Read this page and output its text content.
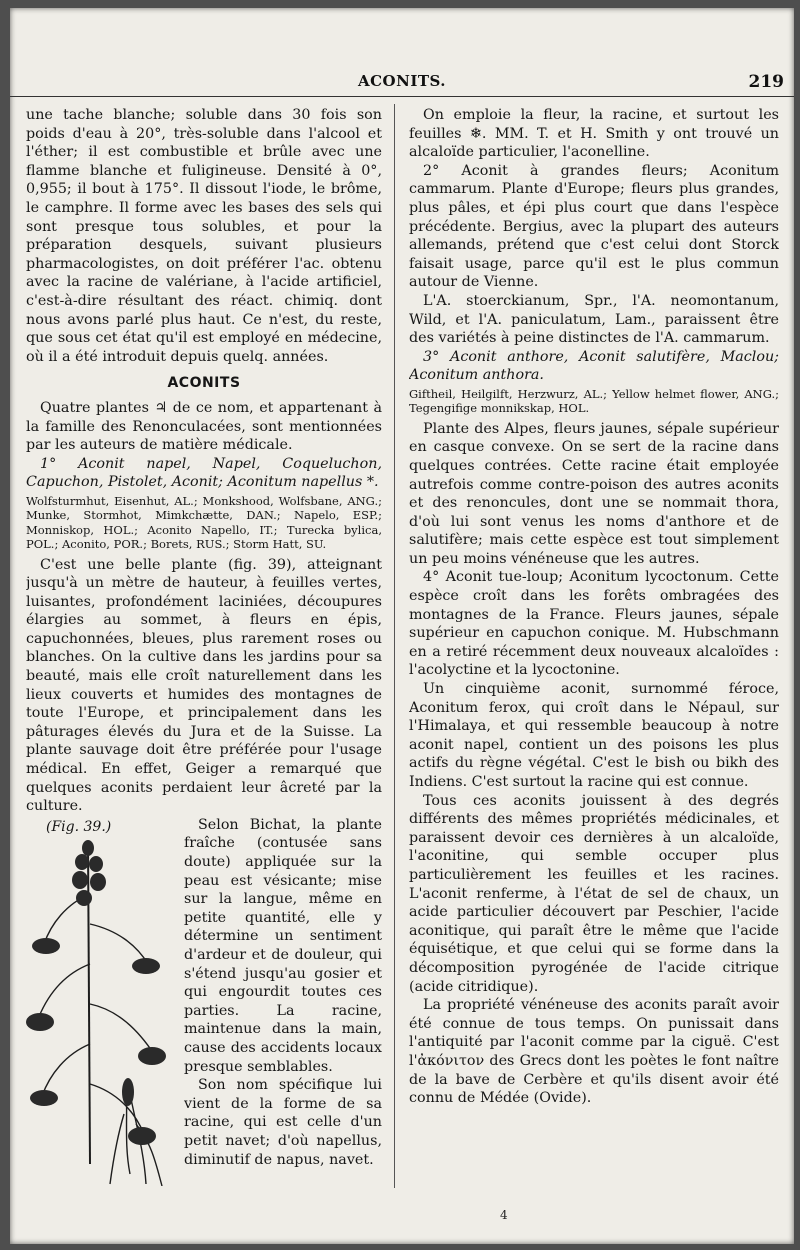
ACONITS.	219

une tache blanche; soluble dans 30 fois son poids d'eau à 20°, très-soluble dans l'alcool et l'éther; il est combustible et brûle avec une flamme blanche et fuligineuse. Densité à 0°, 0,955; il bout à 175°. Il dissout l'iode, le brôme, le camphre. Il forme avec les bases des sels qui sont presque tous solubles, et pour la préparation desquels, suivant plusieurs pharmacologistes, on doit préférer l'ac. obtenu avec la racine de valériane, à l'acide artificiel, c'est-à-dire résultant des réact. chimiq. dont nous avons parlé plus haut. Ce n'est, du reste, que sous cet état qu'il est employé en médecine, où il a été introduit depuis quelq. années.

ACONITS

Quatre plantes ♃ de ce nom, et appartenant à la famille des Renonculacées, sont mentionnées par les auteurs de matière médicale.

1° Aconit napel, Napel, Coqueluchon, Capuchon, Pistolet, Aconit; Aconitum napellus *.

Wolfsturmhut, Eisenhut, AL.; Monkshood, Wolfsbane, ANG.; Munke, Stormhot, Mimkchætte, DAN.; Napelo, ESP.; Monniskop, HOL.; Aconito Napello, IT.; Turecka bylica, POL.; Aconito, POR.; Borets, RUS.; Storm Hatt, SU.

C'est une belle plante (fig. 39), atteignant jusqu'à un mètre de hauteur, à feuilles vertes, luisantes, profondément laciniées, découpures élargies au sommet, à fleurs en épis, capuchonnées, bleues, plus rarement roses ou blanches. On la cultive dans les jardins pour sa beauté, mais elle croît naturellement dans les lieux couverts et humides des montagnes de toute l'Europe, et principalement dans les pâturages élevés du Jura et de la Suisse. La plante sauvage doit être préférée pour l'usage médical. En effet, Geiger a remarqué que quelques aconits perdaient leur âcreté par la culture.

(Fig. 39.)	Selon Bichat, la plante fraîche (contusée sans doute) appliquée sur la peau est vésicante; mise sur la langue, même en petite quantité, elle y détermine un sentiment d'ardeur et de douleur, qui s'étend jusqu'au gosier et qui engourdit toutes ces parties. La racine, maintenue dans la main, cause des accidents locaux presque semblables.

Son nom spécifique lui vient de la forme de sa racine, qui est celle d'un petit navet; d'où napellus, diminutif de napus, navet.

On emploie la fleur, la racine, et surtout les feuilles ❄. MM. T. et H. Smith y ont trouvé un alcaloïde particulier, l'aconelline.

2° Aconit à grandes fleurs; Aconitum cammarum. Plante d'Europe; fleurs plus grandes, plus pâles, et épi plus court que dans l'espèce précédente. Bergius, avec la plupart des auteurs allemands, prétend que c'est celui dont Storck faisait usage, parce qu'il est le plus commun autour de Vienne.

L'A. stoerckianum, Spr., l'A. neomontanum, Wild, et l'A. paniculatum, Lam., paraissent être des variétés à peine distinctes de l'A. cammarum.

3° Aconit anthore, Aconit salutifère, Maclou; Aconitum anthora.

Giftheil, Heilgilft, Herzwurz, AL.; Yellow helmet flower, ANG.; Tegengifige monnikskap, HOL.

Plante des Alpes, fleurs jaunes, sépale supérieur en casque convexe. On se sert de la racine dans quelques contrées. Cette racine était employée autrefois comme contre-poison des autres aconits et des renoncules, dont une se nommait thora, d'où lui sont venus les noms d'anthore et de salutifère; mais cette espèce est tout simplement un peu moins vénéneuse que les autres.

4° Aconit tue-loup; Aconitum lycoctonum. Cette espèce croît dans les forêts ombragées des montagnes de la France. Fleurs jaunes, sépale supérieur en capuchon conique. M. Hubschmann en a retiré récemment deux nouveaux alcaloïdes : l'acolyctine et la lycoctonine.

Un cinquième aconit, surnommé féroce, Aconitum ferox, qui croît dans le Népaul, sur l'Himalaya, et qui ressemble beaucoup à notre aconit napel, contient un des poisons les plus actifs du règne végétal. C'est le bish ou bikh des Indiens. C'est surtout la racine qui est connue.

Tous ces aconits jouissent à des degrés différents des mêmes propriétés médicinales, et paraissent devoir ces dernières à un alcaloïde, l'aconitine, qui semble occuper plus particulièrement les feuilles et les racines. L'aconit renferme, à l'état de sel de chaux, un acide particulier découvert par Peschier, l'acide aconitique, qui paraît être le même que l'acide équisétique, et que celui qui se forme dans la décomposition pyrogénée de l'acide citrique (acide citridique).

La propriété vénéneuse des aconits paraît avoir été connue de tous temps. On punissait dans l'antiquité par l'aconit comme par la ciguë. C'est l'ἀκόνιτον des Grecs dont les poètes le font naître de la bave de Cerbère et qu'ils disent avoir été connu de Médée (Ovide).

4
